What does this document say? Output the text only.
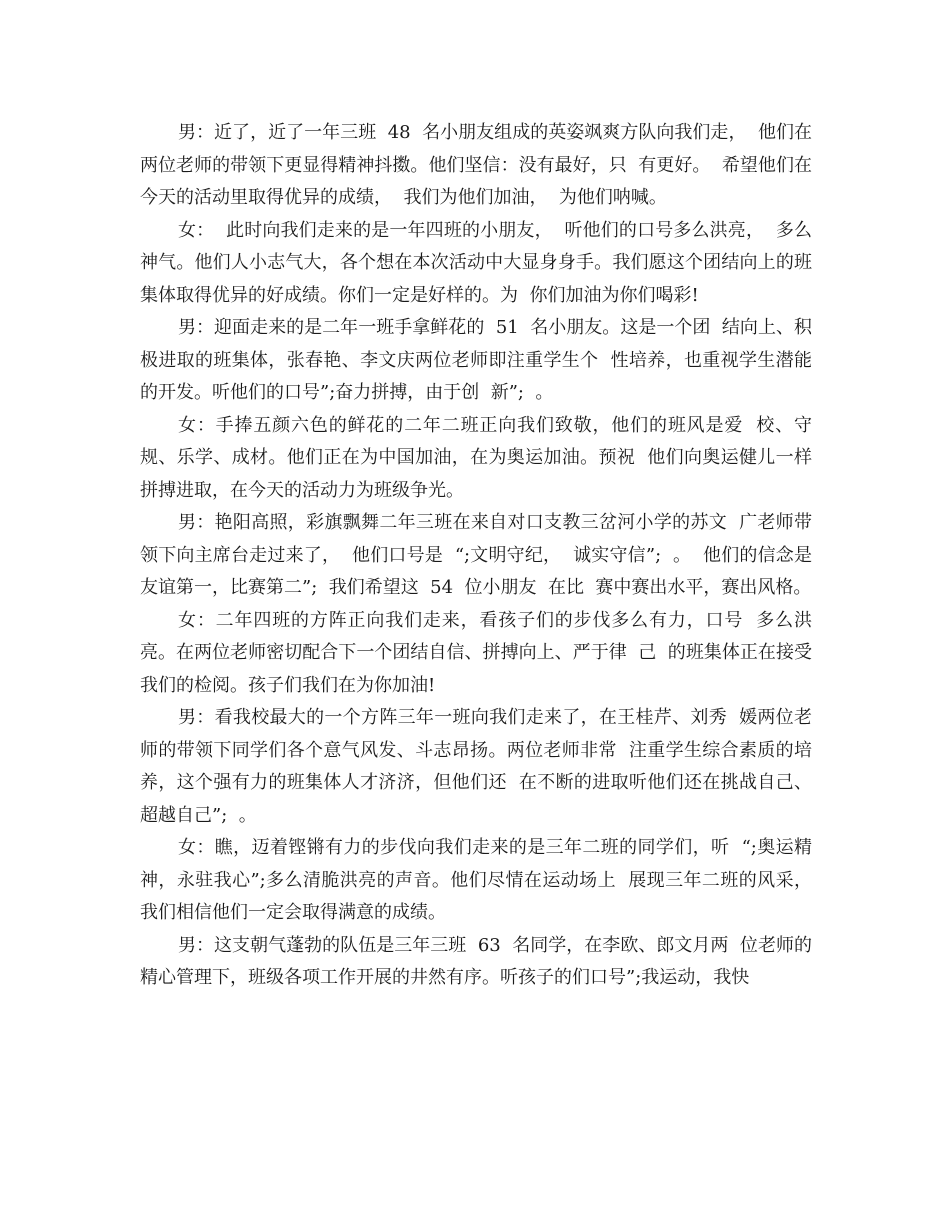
男：近了，近了一年三班  48  名小朋友组成的英姿飒爽方队向我们走，  他们在两位老师的带领下更显得精神抖擞。他们坚信：没有最好，只  有更好。  希望他们在今天的活动里取得优异的成绩，  我们为他们加油，  为他们呐喊。

女：  此时向我们走来的是一年四班的小朋友，  听他们的口号多么洪亮，  多么神气。他们人小志气大，各个想在本次活动中大显身身手。我们愿这个团结向上的班集体取得优异的好成绩。你们一定是好样的。为  你们加油为你们喝彩!

男：迎面走来的是二年一班手拿鲜花的  51  名小朋友。这是一个团  结向上、积极进取的班集体，张春艳、李文庆两位老师即注重学生个  性培养，也重视学生潜能的开发。听他们的口号”;奋力拼搏，由于创  新”;  。

女：手捧五颜六色的鲜花的二年二班正向我们致敬，他们的班风是爱  校、守规、乐学、成材。他们正在为中国加油，在为奥运加油。预祝  他们向奥运健儿一样拼搏进取，在今天的活动力为班级争光。

男：艳阳高照，彩旗飘舞二年三班在来自对口支教三岔河小学的苏文  广老师带领下向主席台走过来了，  他们口号是  “;文明守纪，  诚实守信”;  。  他们的信念是友谊第一，比赛第二”;  我们希望这  54  位小朋友  在比  赛中赛出水平，赛出风格。

女：二年四班的方阵正向我们走来，看孩子们的步伐多么有力，口号  多么洪亮。在两位老师密切配合下一个团结自信、拼搏向上、严于律  己  的班集体正在接受我们的检阅。孩子们我们在为你加油!

男：看我校最大的一个方阵三年一班向我们走来了，在王桂芹、刘秀  媛两位老师的带领下同学们各个意气风发、斗志昂扬。两位老师非常  注重学生综合素质的培养，这个强有力的班集体人才济济，但他们还  在不断的进取听他们还在挑战自己、超越自己”;  。

女：瞧，迈着铿锵有力的步伐向我们走来的是三年二班的同学们，听  “;奥运精神，永驻我心”;多么清脆洪亮的声音。他们尽情在运动场上  展现三年二班的风采，我们相信他们一定会取得满意的成绩。

男：这支朝气蓬勃的队伍是三年三班  63  名同学，在李欧、郎文月两  位老师的精心管理下，班级各项工作开展的井然有序。听孩子的们口号”;我运动，我快
